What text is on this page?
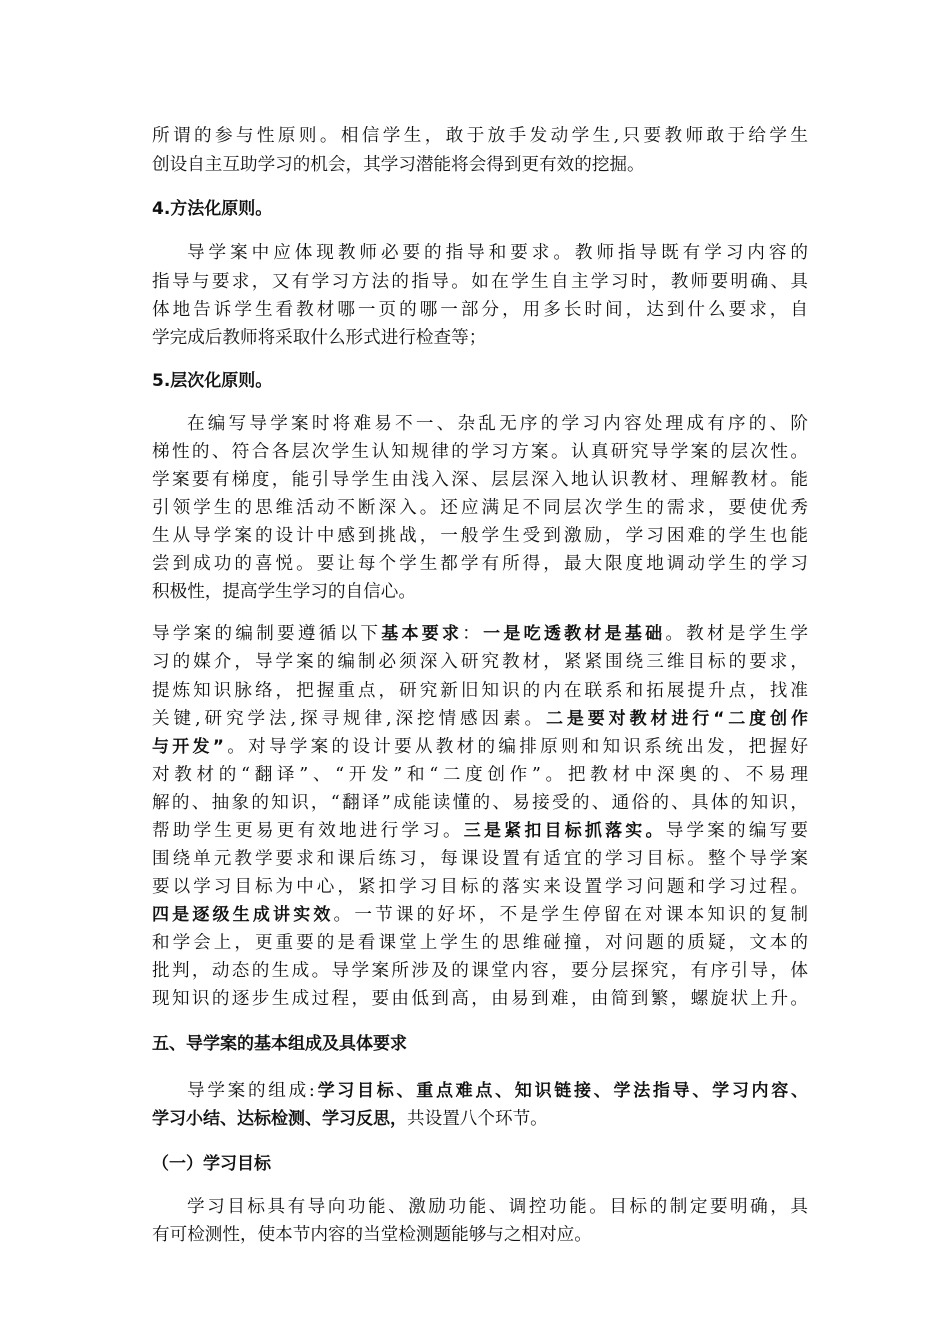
所谓的参与性原则。相信学生，敢于放手发动学生,只要教师敢于给学生
创设自主互助学习的机会，其学习潜能将会得到更有效的挖掘。
4.方法化原则。
导学案中应体现教师必要的指导和要求。教师指导既有学习内容的
指导与要求，又有学习方法的指导。如在学生自主学习时，教师要明确、具
体地告诉学生看教材哪一页的哪一部分，用多长时间，达到什么要求，自
学完成后教师将采取什么形式进行检查等；
5.层次化原则。
在编写导学案时将难易不一、杂乱无序的学习内容处理成有序的、阶
梯性的、符合各层次学生认知规律的学习方案。认真研究导学案的层次性。
学案要有梯度，能引导学生由浅入深、层层深入地认识教材、理解教材。能
引领学生的思维活动不断深入。还应满足不同层次学生的需求，要使优秀
生从导学案的设计中感到挑战，一般学生受到激励，学习困难的学生也能
尝到成功的喜悦。要让每个学生都学有所得，最大限度地调动学生的学习
积极性，提高学生学习的自信心。
导学案的编制要遵循以下基本要求：一是吃透教材是基础。教材是学生学
习的媒介，导学案的编制必须深入研究教材，紧紧围绕三维目标的要求，
提炼知识脉络，把握重点，研究新旧知识的内在联系和拓展提升点，找准
关键,研究学法,探寻规律,深挖情感因素。二是要对教材进行“二度创作
与开发”。对导学案的设计要从教材的编排原则和知识系统出发，把握好
对教材的“翻译”、“开发”和“二度创作”。把教材中深奥的、不易理
解的、抽象的知识，“翻译”成能读懂的、易接受的、通俗的、具体的知识，
帮助学生更易更有效地进行学习。三是紧扣目标抓落实。导学案的编写要
围绕单元教学要求和课后练习，每课设置有适宜的学习目标。整个导学案
要以学习目标为中心，紧扣学习目标的落实来设置学习问题和学习过程。
四是逐级生成讲实效。一节课的好坏，不是学生停留在对课本知识的复制
和学会上，更重要的是看课堂上学生的思维碰撞，对问题的质疑，文本的
批判，动态的生成。导学案所涉及的课堂内容，要分层探究，有序引导，体
现知识的逐步生成过程，要由低到高，由易到难，由简到繁，螺旋状上升。
五、导学案的基本组成及具体要求
导学案的组成:学习目标、重点难点、知识链接、学法指导、学习内容、
学习小结、达标检测、学习反思，共设置八个环节。
（一）学习目标
学习目标具有导向功能、激励功能、调控功能。目标的制定要明确，具
有可检测性，使本节内容的当堂检测题能够与之相对应。
